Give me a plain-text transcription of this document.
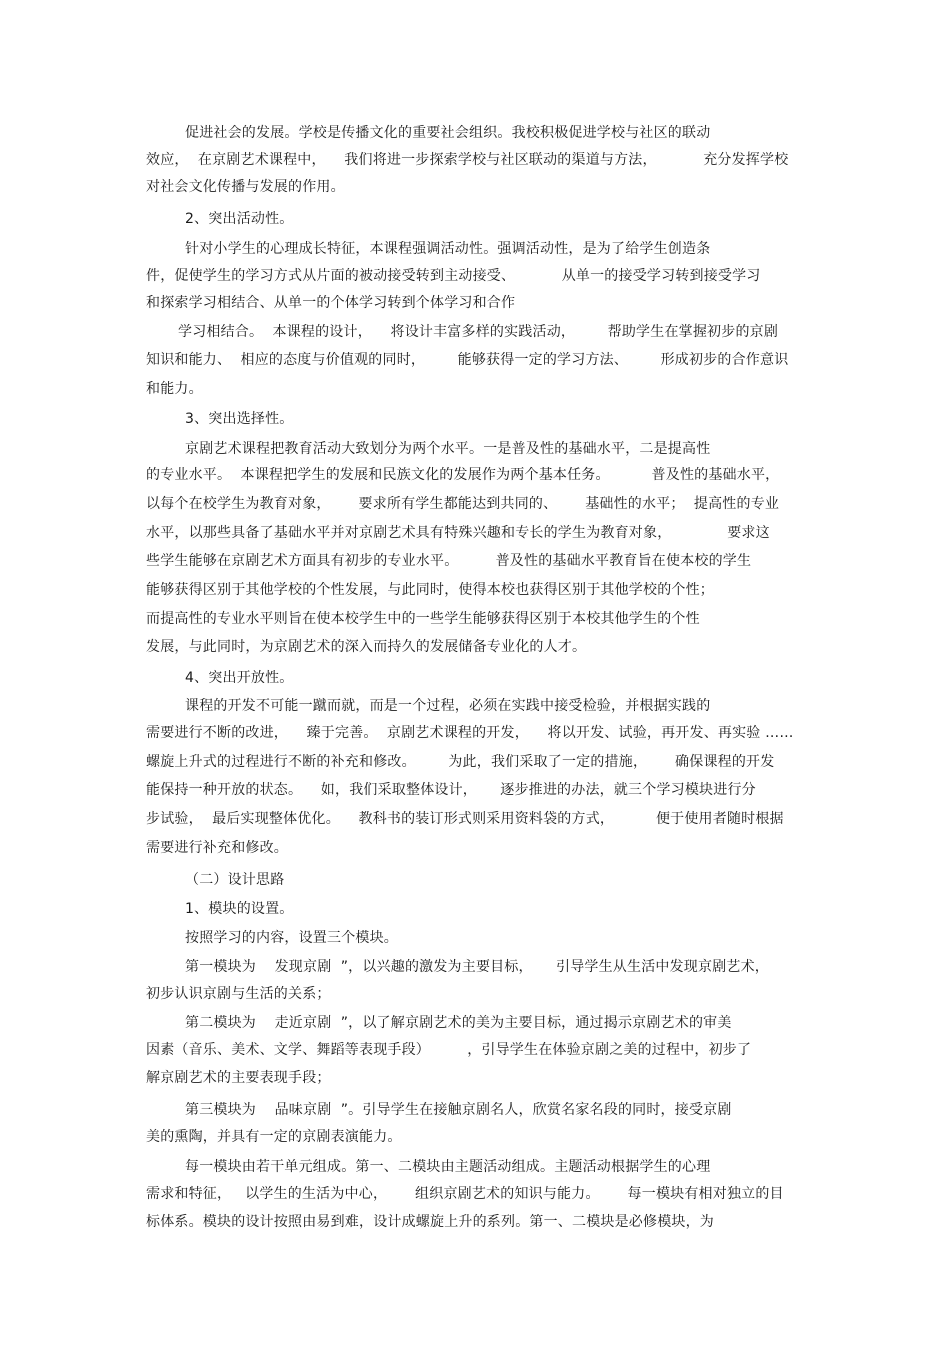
促进社会的发展。学校是传播文化的重要社会组织。我校积极促进学校与社区的联动
效应，  在京剧艺术课程中，    我们将进一步探索学校与社区联动的渠道与方法，          充分发挥学校
对社会文化传播与发展的作用。
2、突出活动性。
针对小学生的心理成长特征，本课程强调活动性。强调活动性，是为了给学生创造条
件，促使学生的学习方式从片面的被动接受转到主动接受、          从单一的接受学习转到接受学习
和探索学习相结合、从单一的个体学习转到个体学习和合作
学习相结合。  本课程的设计，    将设计丰富多样的实践活动，       帮助学生在掌握初步的京剧
知识和能力、  相应的态度与价值观的同时，       能够获得一定的学习方法、       形成初步的合作意识
和能力。
3、突出选择性。
京剧艺术课程把教育活动大致划分为两个水平。一是普及性的基础水平，二是提高性
的专业水平。  本课程把学生的发展和民族文化的发展作为两个基本任务。         普及性的基础水平，
以每个在校学生为教育对象，      要求所有学生都能达到共同的、      基础性的水平；  提高性的专业
水平，以那些具备了基础水平并对京剧艺术具有特殊兴趣和专长的学生为教育对象，            要求这
些学生能够在京剧艺术方面具有初步的专业水平。        普及性的基础水平教育旨在使本校的学生
能够获得区别于其他学校的个性发展，与此同时，使得本校也获得区别于其他学校的个性；
而提高性的专业水平则旨在使本校学生中的一些学生能够获得区别于本校其他学生的个性
发展，与此同时，为京剧艺术的深入而持久的发展储备专业化的人才。
4、突出开放性。
课程的开发不可能一蹴而就，而是一个过程，必须在实践中接受检验，并根据实践的
需要进行不断的改进，    臻于完善。  京剧艺术课程的开发，    将以开发、试验，再开发、再实验 ……
螺旋上升式的过程进行不断的补充和修改。       为此，我们采取了一定的措施，      确保课程的开发
能保持一种开放的状态。    如，我们采取整体设计，     逐步推进的办法，就三个学习模块进行分
步试验，  最后实现整体优化。    教科书的装订形式则采用资料袋的方式，         便于使用者随时根据
需要进行补充和修改。
（二）设计思路
1、模块的设置。
按照学习的内容，设置三个模块。
第一模块为    发现京剧  ”，以兴趣的激发为主要目标，     引导学生从生活中发现京剧艺术，
初步认识京剧与生活的关系；
第二模块为    走近京剧  ”，以了解京剧艺术的美为主要目标，通过揭示京剧艺术的审美
因素（音乐、美术、文学、舞蹈等表现手段）        ，引导学生在体验京剧之美的过程中，初步了
解京剧艺术的主要表现手段；
第三模块为    品味京剧  ”。引导学生在接触京剧名人，欣赏名家名段的同时，接受京剧
美的熏陶，并具有一定的京剧表演能力。
每一模块由若干单元组成。第一、二模块由主题活动组成。主题活动根据学生的心理
需求和特征，   以学生的生活为中心，      组织京剧艺术的知识与能力。      每一模块有相对独立的目
标体系。模块的设计按照由易到难，设计成螺旋上升的系列。第一、二模块是必修模块，为
